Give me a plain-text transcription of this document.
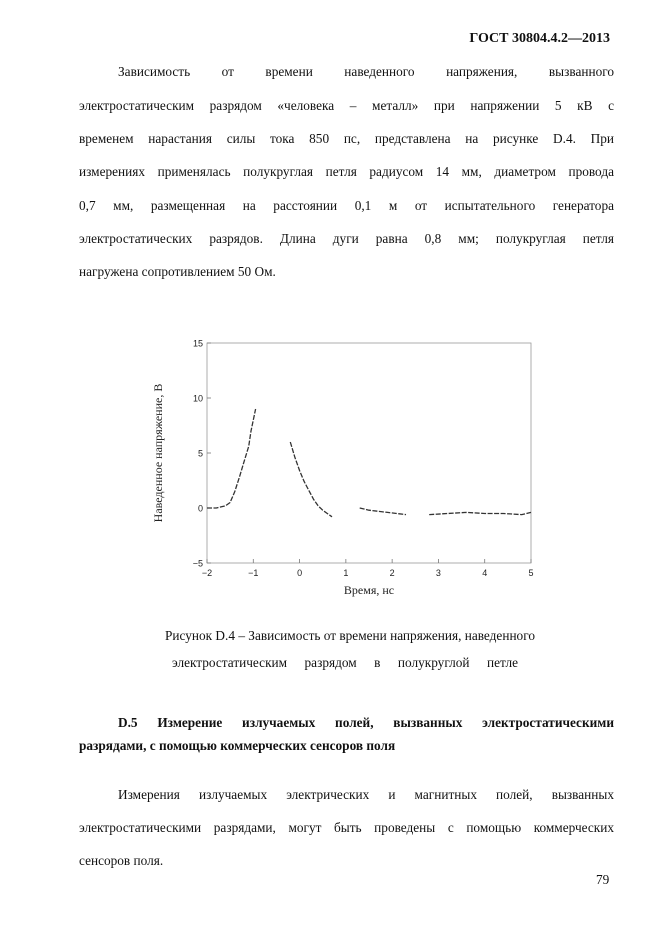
ГОСТ 30804.4.2—2013
Зависимость от времени наведенного напряжения, вызванного
электростатическим разрядом «человека – металл» при напряжении 5 кВ с
временем нарастания силы тока 850 пс, представлена на рисунке D.4. При
измерениях применялась полукруглая петля радиусом 14 мм, диаметром провода
0,7 мм, размещенная на расстоянии 0,1 м от испытательного генератора
электростатических разрядов. Длина дуги равна 0,8 мм; полукруглая петля
нагружена сопротивлением 50 Ом.
−5
0
5
10
15
−2	−1	0	1	2	3	4	5
Наведенное напряжение, В
Время, нс
Рисунок D.4 – Зависимость от времени напряжения, наведенного
электростатическим разрядом в полукруглой петле
D.5 Измерение излучаемых полей, вызванных электростатическими
разрядами, с помощью коммерческих сенсоров поля
Измерения излучаемых электрических и магнитных полей, вызванных
электростатическими разрядами, могут быть проведены с помощью коммерческих
сенсоров поля.
79
